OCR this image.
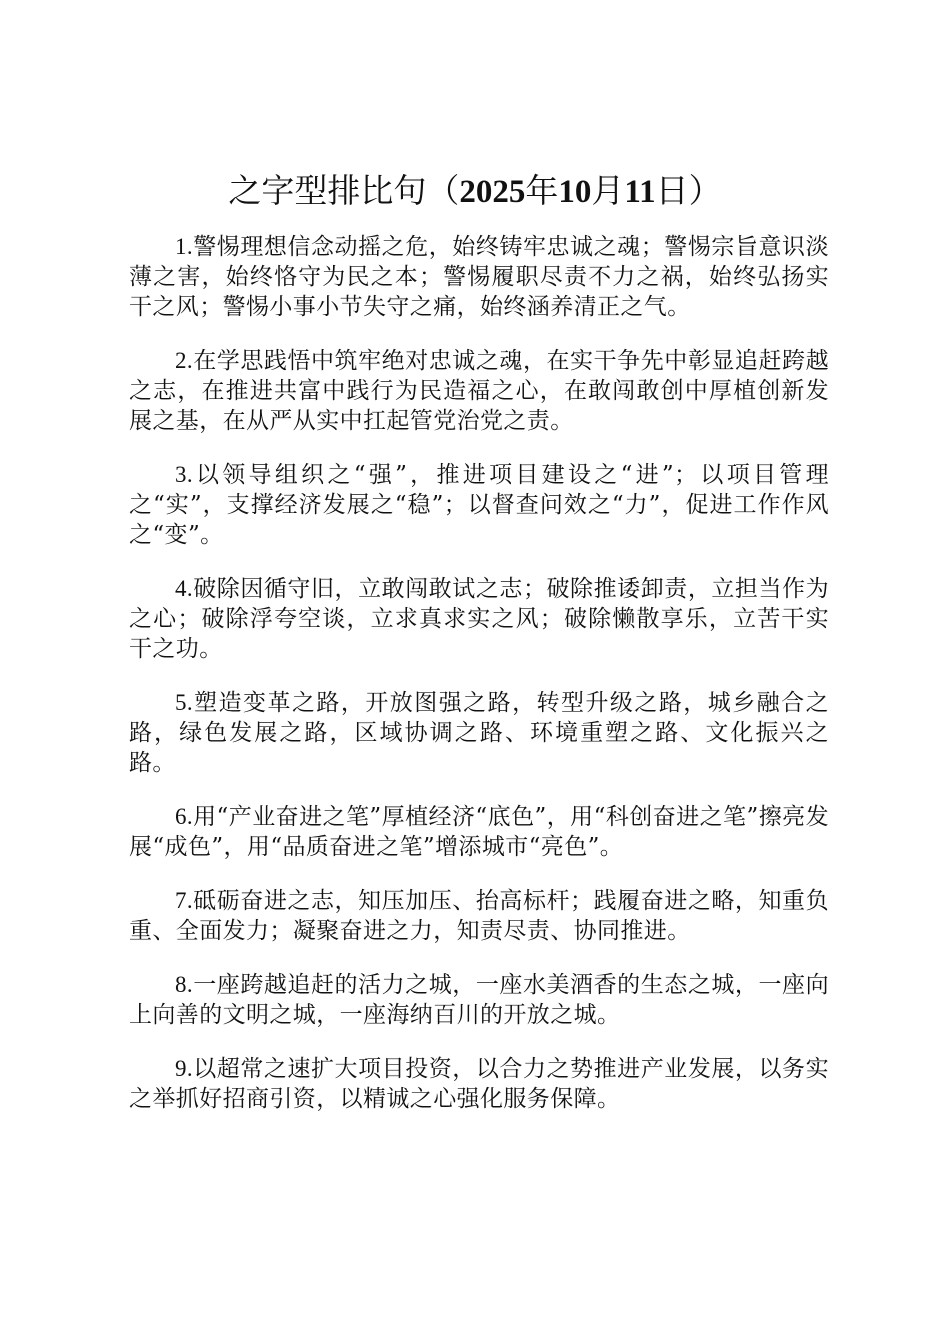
之字型排比句（2025年10月11日）

1.警惕理想信念动摇之危，始终铸牢忠诚之魂；警惕宗旨意识淡薄之害，始终恪守为民之本；警惕履职尽责不力之祸，始终弘扬实干之风；警惕小事小节失守之痛，始终涵养清正之气。

2.在学思践悟中筑牢绝对忠诚之魂，在实干争先中彰显追赶跨越之志，在推进共富中践行为民造福之心，在敢闯敢创中厚植创新发展之基，在从严从实中扛起管党治党之责。

3.以领导组织之“强”，推进项目建设之“进”；以项目管理之“实”，支撑经济发展之“稳”；以督查问效之“力”，促进工作作风之“变”。

4.破除因循守旧，立敢闯敢试之志；破除推诿卸责，立担当作为之心；破除浮夸空谈，立求真求实之风；破除懒散享乐，立苦干实干之功。

5.塑造变革之路，开放图强之路，转型升级之路，城乡融合之路，绿色发展之路，区域协调之路、环境重塑之路、文化振兴之路。

6.用“产业奋进之笔”厚植经济“底色”，用“科创奋进之笔”擦亮发展“成色”，用“品质奋进之笔”增添城市“亮色”。

7.砥砺奋进之志，知压加压、抬高标杆；践履奋进之略，知重负重、全面发力；凝聚奋进之力，知责尽责、协同推进。

8.一座跨越追赶的活力之城，一座水美酒香的生态之城，一座向上向善的文明之城，一座海纳百川的开放之城。

9.以超常之速扩大项目投资，以合力之势推进产业发展，以务实之举抓好招商引资，以精诚之心强化服务保障。
